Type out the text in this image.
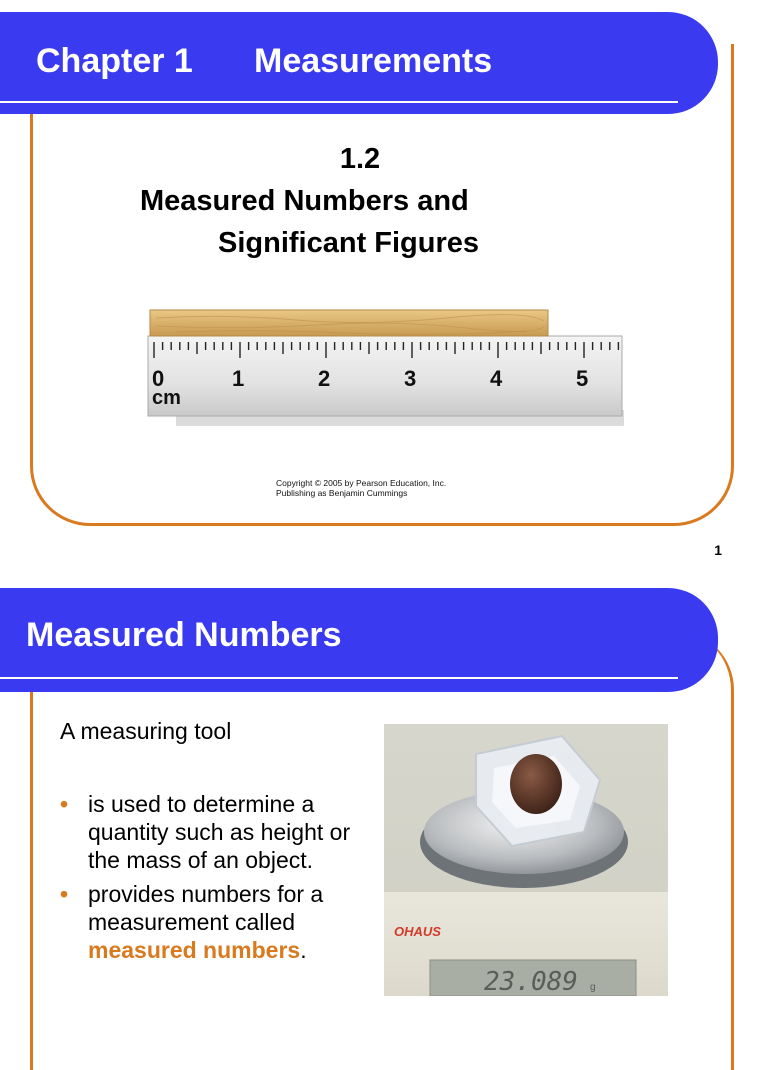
Chapter 1 Measurements
1.2
Measured Numbers and
Significant Figures
0	1	2	3	4	5
cm
Copyright © 2005 by Pearson Education, Inc.
Publishing as Benjamin Cummings
1
Measured Numbers
A measuring tool
• is used to determine a quantity such as height or the mass of an object.
• provides numbers for a measurement called measured numbers.
OHAUS
23.089 g
